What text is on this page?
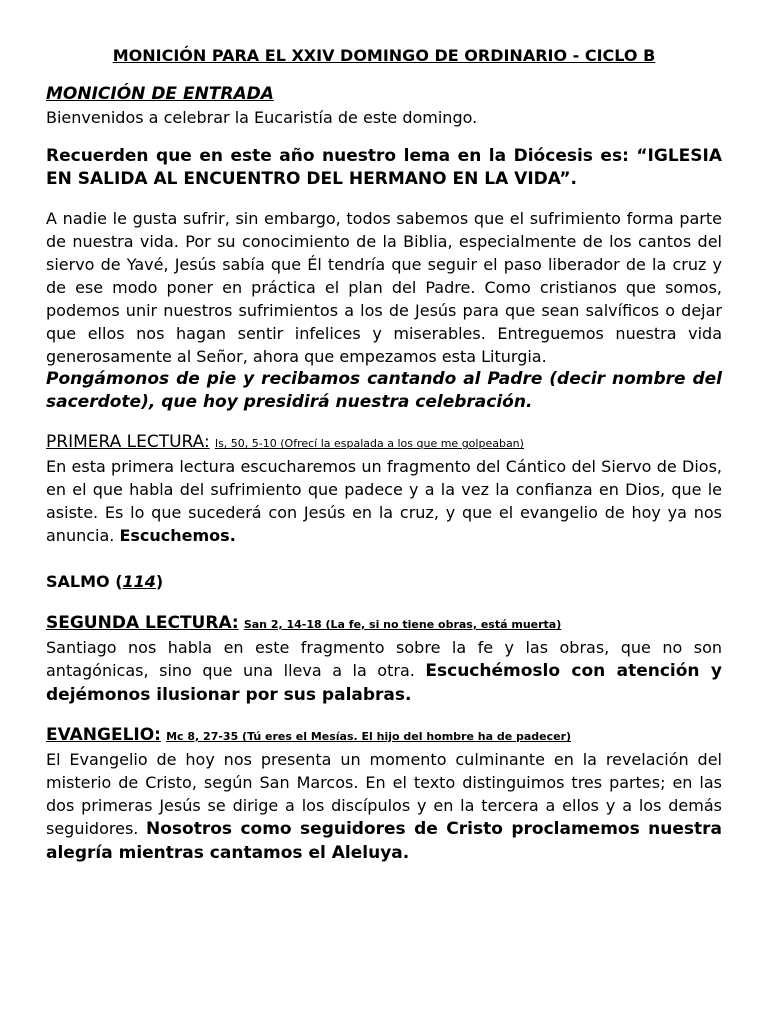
MONICIÓN PARA EL XXIV DOMINGO DE ORDINARIO - CICLO B
MONICIÓN DE ENTRADA

Bienvenidos a celebrar la Eucaristía de este domingo.

Recuerden que en este año nuestro lema en la Diócesis es: “IGLESIA EN SALIDA AL ENCUENTRO DEL HERMANO EN LA VIDA”.

A nadie le gusta sufrir, sin embargo, todos sabemos que el sufrimiento forma parte de nuestra vida. Por su conocimiento de la Biblia, especialmente de los cantos del siervo de Yavé, Jesús sabía que Él tendría que seguir el paso liberador de la cruz y de ese modo poner en práctica el plan del Padre. Como cristianos que somos, podemos unir nuestros sufrimientos a los de Jesús para que sean salvíficos o dejar que ellos nos hagan sentir infelices y miserables. Entreguemos nuestra vida generosamente al Señor, ahora que empezamos esta Liturgia.

Pongámonos de pie y recibamos cantando al Padre (decir nombre del sacerdote), que hoy presidirá nuestra celebración.

PRIMERA LECTURA: Is, 50, 5-10 (Ofrecí la espalada a los que me golpeaban)

En esta primera lectura escucharemos un fragmento del Cántico del Siervo de Dios, en el que habla del sufrimiento que padece y a la vez la confianza en Dios, que le asiste. Es lo que sucederá con Jesús en la cruz, y que el evangelio de hoy ya nos anuncia. Escuchemos.

SALMO (114)
SEGUNDA LECTURA: San 2, 14-18 (La fe, si no tiene obras, está muerta)

Santiago nos habla en este fragmento sobre la fe y las obras, que no son antagónicas, sino que una lleva a la otra. Escuchémoslo con atención y dejémonos ilusionar por sus palabras.

EVANGELIO: Mc 8, 27-35 (Tú eres el Mesías. El hijo del hombre ha de padecer)

El Evangelio de hoy nos presenta un momento culminante en la revelación del misterio de Cristo, según San Marcos. En el texto distinguimos tres partes; en las dos primeras Jesús se dirige a los discípulos y en la tercera a ellos y a los demás seguidores. Nosotros como seguidores de Cristo proclamemos nuestra alegría mientras cantamos el Aleluya.
